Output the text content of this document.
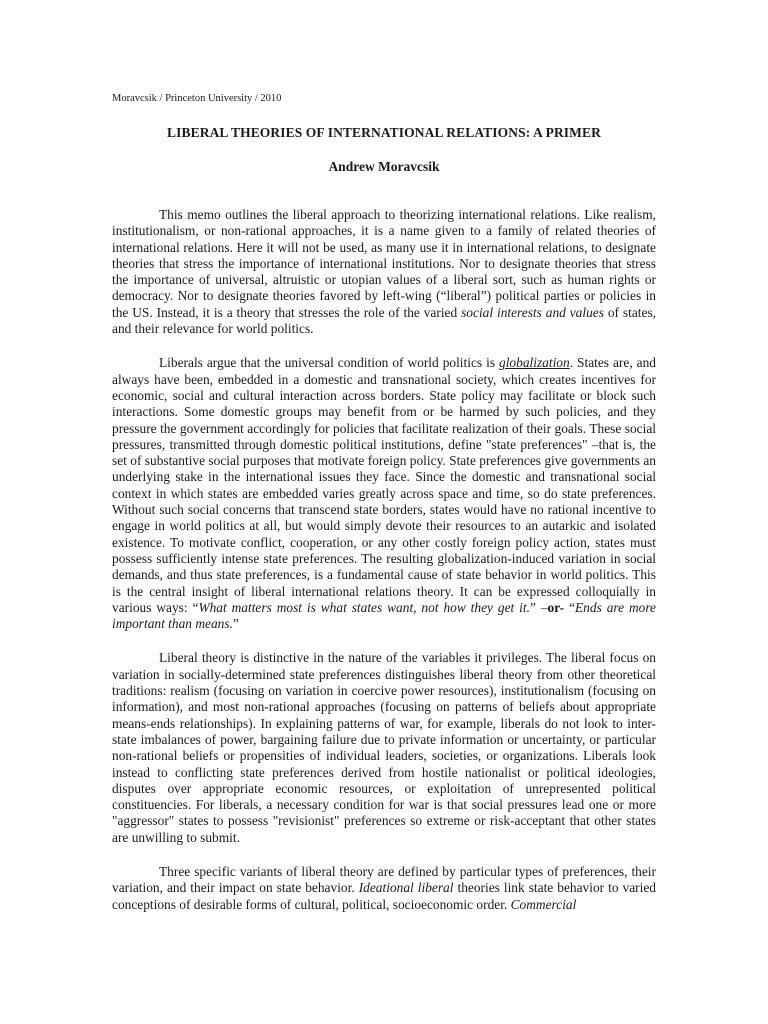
Moravcsik / Princeton University / 2010
LIBERAL THEORIES OF INTERNATIONAL RELATIONS: A PRIMER
Andrew Moravcsik

This memo outlines the liberal approach to theorizing international relations. Like realism, institutionalism, or non-rational approaches, it is a name given to a family of related theories of international relations. Here it will not be used, as many use it in international relations, to designate theories that stress the importance of international institutions. Nor to designate theories that stress the importance of universal, altruistic or utopian values of a liberal sort, such as human rights or democracy. Nor to designate theories favored by left-wing (“liberal”) political parties or policies in the US. Instead, it is a theory that stresses the role of the varied social interests and values of states, and their relevance for world politics.

Liberals argue that the universal condition of world politics is globalization. States are, and always have been, embedded in a domestic and transnational society, which creates incentives for economic, social and cultural interaction across borders. State policy may facilitate or block such interactions. Some domestic groups may benefit from or be harmed by such policies, and they pressure the government accordingly for policies that facilitate realization of their goals. These social pressures, transmitted through domestic political institutions, define "state preferences" –that is, the set of substantive social purposes that motivate foreign policy. State preferences give governments an underlying stake in the international issues they face. Since the domestic and transnational social context in which states are embedded varies greatly across space and time, so do state preferences. Without such social concerns that transcend state borders, states would have no rational incentive to engage in world politics at all, but would simply devote their resources to an autarkic and isolated existence. To motivate conflict, cooperation, or any other costly foreign policy action, states must possess sufficiently intense state preferences. The resulting globalization-induced variation in social demands, and thus state preferences, is a fundamental cause of state behavior in world politics. This is the central insight of liberal international relations theory. It can be expressed colloquially in various ways: “What matters most is what states want, not how they get it.” –or- “Ends are more important than means.”

Liberal theory is distinctive in the nature of the variables it privileges. The liberal focus on variation in socially-determined state preferences distinguishes liberal theory from other theoretical traditions: realism (focusing on variation in coercive power resources), institutionalism (focusing on information), and most non-rational approaches (focusing on patterns of beliefs about appropriate means-ends relationships). In explaining patterns of war, for example, liberals do not look to inter-state imbalances of power, bargaining failure due to private information or uncertainty, or particular non-rational beliefs or propensities of individual leaders, societies, or organizations. Liberals look instead to conflicting state preferences derived from hostile nationalist or political ideologies, disputes over appropriate economic resources, or exploitation of unrepresented political constituencies. For liberals, a necessary condition for war is that social pressures lead one or more "aggressor" states to possess "revisionist" preferences so extreme or risk-acceptant that other states are unwilling to submit.

Three specific variants of liberal theory are defined by particular types of preferences, their variation, and their impact on state behavior. Ideational liberal theories link state behavior to varied conceptions of desirable forms of cultural, political, socioeconomic order. Commercial
